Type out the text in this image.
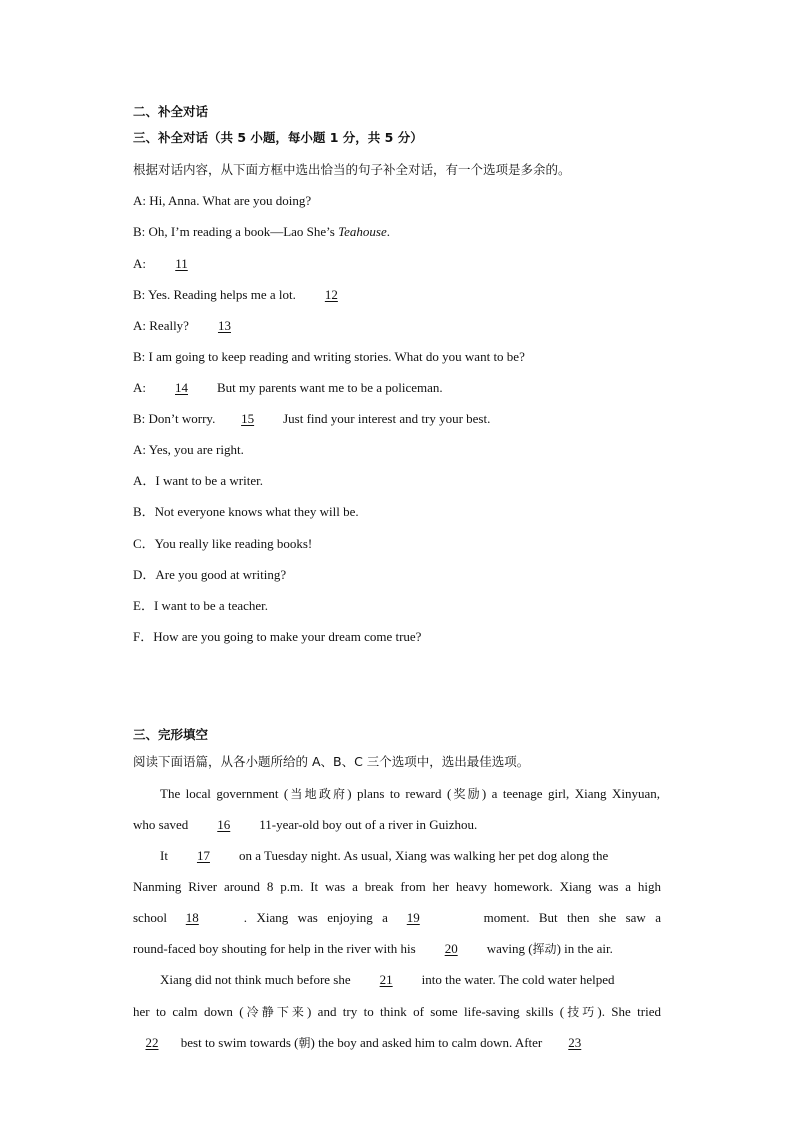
二、补全对话
三、补全对话（共 5 小题，每小题 1 分，共 5 分）
根据对话内容，从下面方框中选出恰当的句子补全对话，有一个选项是多余的。
A: Hi, Anna. What are you doing?
B: Oh, I’m reading a book—Lao She’s Teahouse.
A: 11
B: Yes. Reading helps me a lot. 12
A: Really? 13
B: I am going to keep reading and writing stories. What do you want to be?
A: 14 But my parents want me to be a policeman.
B: Don’t worry. 15 Just find your interest and try your best.
A: Yes, you are right.
A．I want to be a writer.
B．Not everyone knows what they will be.
C．You really like reading books!
D．Are you good at writing?
E．I want to be a teacher.
F．How are you going to make your dream come true?
三、完形填空
阅读下面语篇，从各小题所给的 A、B、C 三个选项中，选出最佳选项。
The local government (当地政府) plans to reward (奖励) a teenage girl, Xiang Xinyuan,
who saved 16 11-year-old boy out of a river in Guizhou.
It 17 on a Tuesday night. As usual, Xiang was walking her pet dog along the
Nanming River around 8 p.m. It was a break from her heavy homework. Xiang was a high
school 18	. Xiang was enjoying a 19	moment. But then she saw a
round-faced boy shouting for help in the river with his 20 waving (挥动) in the air.
Xiang did not think much before she 21 into the water. The cold water helped
her to calm down (冷静下来) and try to think of some life-saving skills (技巧). She tried
22 best to swim towards (朝) the boy and asked him to calm down. After 23
